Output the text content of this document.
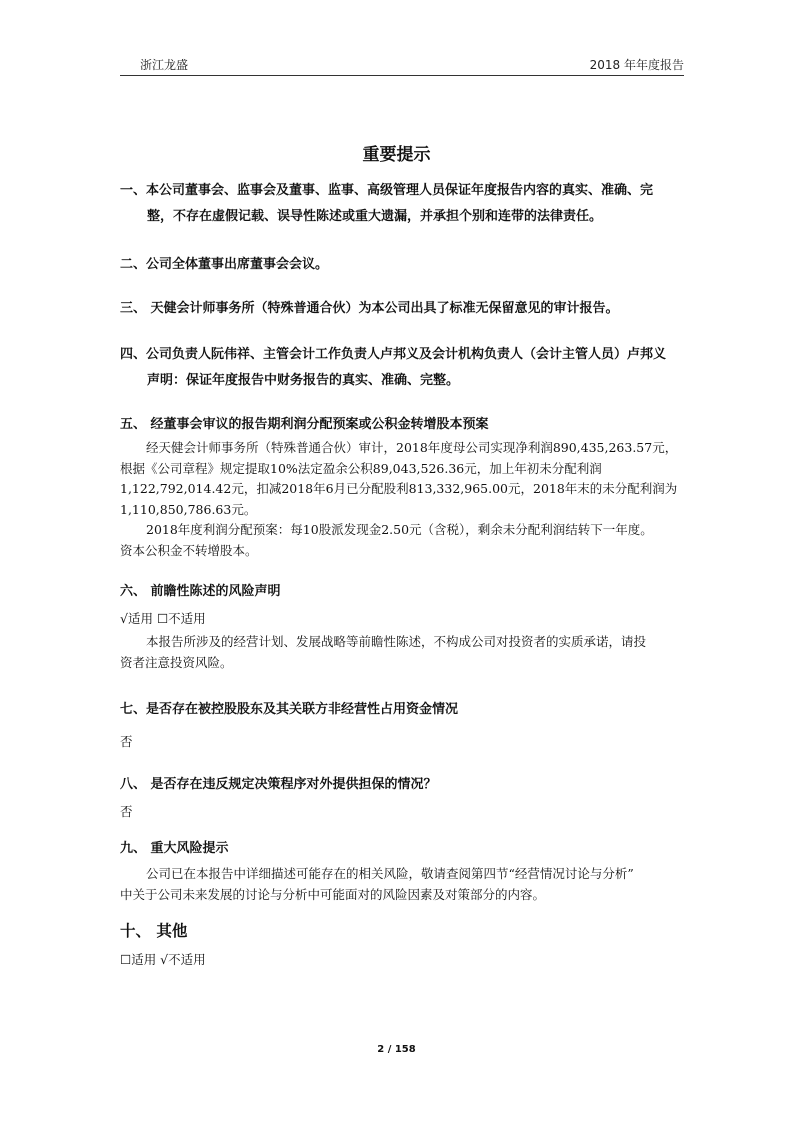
浙江龙盛	2018 年年度报告
重要提示
一、本公司董事会、监事会及董事、监事、高级管理人员保证年度报告内容的真实、准确、完
整，不存在虚假记载、误导性陈述或重大遗漏，并承担个别和连带的法律责任。
二、公司全体董事出席董事会会议。
三、 天健会计师事务所（特殊普通合伙）为本公司出具了标准无保留意见的审计报告。
四、公司负责人阮伟祥、主管会计工作负责人卢邦义及会计机构负责人（会计主管人员）卢邦义
声明：保证年度报告中财务报告的真实、准确、完整。
五、 经董事会审议的报告期利润分配预案或公积金转增股本预案
经天健会计师事务所（特殊普通合伙）审计，2018年度母公司实现净利润890,435,263.57元，
根据《公司章程》规定提取10%法定盈余公积89,043,526.36元，加上年初未分配利润
1,122,792,014.42元，扣减2018年6月已分配股利813,332,965.00元，2018年末的未分配利润为
1,110,850,786.63元。
2018年度利润分配预案：每10股派发现金2.50元（含税），剩余未分配利润结转下一年度。
资本公积金不转增股本。
六、 前瞻性陈述的风险声明
√适用 ☐不适用
本报告所涉及的经营计划、发展战略等前瞻性陈述，不构成公司对投资者的实质承诺，请投
资者注意投资风险。
七、是否存在被控股股东及其关联方非经营性占用资金情况
否
八、 是否存在违反规定决策程序对外提供担保的情况？
否
九、 重大风险提示
公司已在本报告中详细描述可能存在的相关风险，敬请查阅第四节“经营情况讨论与分析”
中关于公司未来发展的讨论与分析中可能面对的风险因素及对策部分的内容。
十、 其他
☐适用 √不适用
2 / 158
